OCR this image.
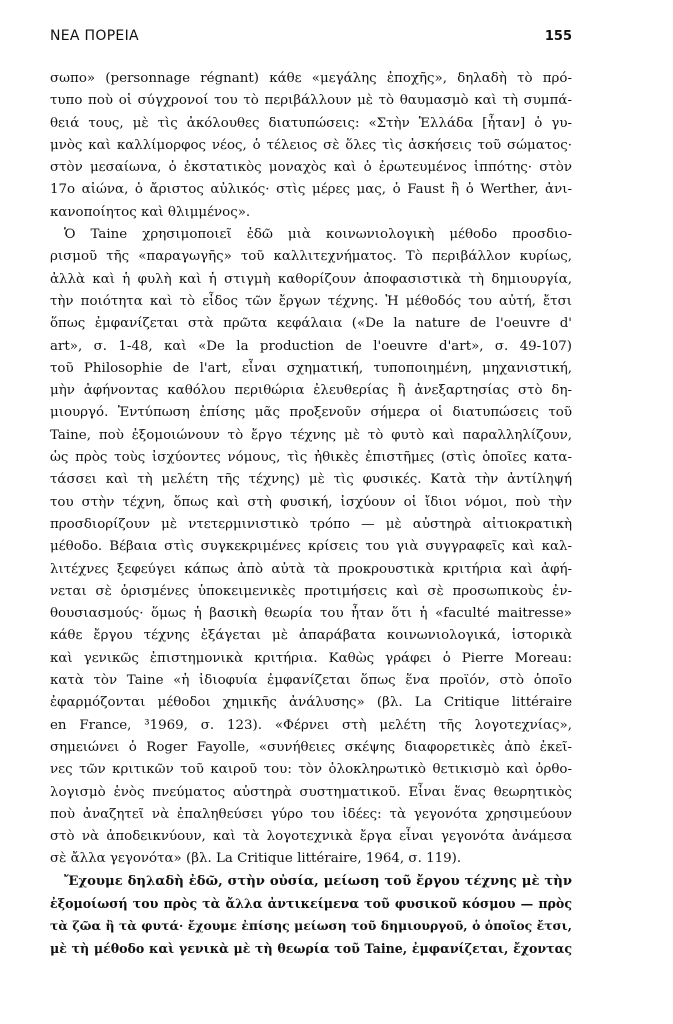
ΝΕΑ ΠΟΡΕΙΑ	155
σωπο» (personnage régnant) κάθε «μεγάλης ἐποχῆς», δηλαδὴ τὸ πρό-
τυπο ποὺ οἱ σύγχρονοί του τὸ περιβάλλουν μὲ τὸ θαυμασμὸ καὶ τὴ συμπά-
θειά τους, μὲ τὶς ἀκόλουθες διατυπώσεις: «Στὴν Ἑλλάδα [ἦταν] ὁ γυ-
μνὸς καὶ καλλίμορφος νέος, ὁ τέλειος σὲ ὅλες τὶς ἀσκήσεις τοῦ σώματος·
στὸν μεσαίωνα, ὁ ἐκστατικὸς μοναχὸς καὶ ὁ ἐρωτευμένος ἱππότης· στὸν
17ο αἰώνα, ὁ ἄριστος αὐλικός· στὶς μέρες μας, ὁ Faust ἢ ὁ Werther, ἀνι-
κανοποίητος καὶ θλιμμένος».
Ὁ Taine χρησιμοποιεῖ ἐδῶ μιὰ κοινωνιολογικὴ μέθοδο προσδιο-
ρισμοῦ τῆς «παραγωγῆς» τοῦ καλλιτεχνήματος. Τὸ περιβάλλον κυρίως,
ἀλλὰ καὶ ἡ φυλὴ καὶ ἡ στιγμὴ καθορίζουν ἀποφασιστικὰ τὴ δημιουργία,
τὴν ποιότητα καὶ τὸ εἶδος τῶν ἔργων τέχνης. Ἡ μέθοδός του αὐτή, ἔτσι
ὅπως ἐμφανίζεται στὰ πρῶτα κεφάλαια («De la nature de l'oeuvre d'
art», σ. 1-48, καὶ «De la production de l'oeuvre d'art», σ. 49-107)
τοῦ Philosophie de l'art, εἶναι σχηματική, τυποποιημένη, μηχανιστική,
μὴν ἀφήνοντας καθόλου περιθώρια ἐλευθερίας ἢ ἀνεξαρτησίας στὸ δη-
μιουργό. Ἐντύπωση ἐπίσης μᾶς προξενοῦν σήμερα οἱ διατυπώσεις τοῦ
Taine, ποὺ ἐξομοιώνουν τὸ ἔργο τέχνης μὲ τὸ φυτὸ καὶ παραλληλίζουν,
ὡς πρὸς τοὺς ἰσχύοντες νόμους, τὶς ἠθικὲς ἐπιστῆμες (στὶς ὁποῖες κατα-
τάσσει καὶ τὴ μελέτη τῆς τέχνης) μὲ τὶς φυσικές. Κατὰ τὴν ἀντίληψή
του στὴν τέχνη, ὅπως καὶ στὴ φυσική, ἰσχύουν οἱ ἴδιοι νόμοι, ποὺ τὴν
προσδιορίζουν μὲ ντετερμινιστικὸ τρόπο — μὲ αὐστηρὰ αἰτιοκρατικὴ
μέθοδο. Βέβαια στὶς συγκεκριμένες κρίσεις του γιὰ συγγραφεῖς καὶ καλ-
λιτέχνες ξεφεύγει κάπως ἀπὸ αὐτὰ τὰ προκρουστικὰ κριτήρια καὶ ἀφή-
νεται σὲ ὁρισμένες ὑποκειμενικὲς προτιμήσεις καὶ σὲ προσωπικοὺς ἐν-
θουσιασμούς· ὅμως ἡ βασικὴ θεωρία του ἦταν ὅτι ἡ «faculté maitresse»
κάθε ἔργου τέχνης ἐξάγεται μὲ ἀπαράβατα κοινωνιολογικά, ἱστορικὰ
καὶ γενικῶς ἐπιστημονικὰ κριτήρια. Καθὼς γράφει ὁ Pierre Moreau:
κατὰ τὸν Taine «ἡ ἰδιοφυία ἐμφανίζεται ὅπως ἕνα προϊόν, στὸ ὁποῖο
ἐφαρμόζονται μέθοδοι χημικῆς ἀνάλυσης» (βλ. La Critique littéraire
en France, ³1969, σ. 123). «Φέρνει στὴ μελέτη τῆς λογοτεχνίας»,
σημειώνει ὁ Roger Fayolle, «συνήθειες σκέψης διαφορετικὲς ἀπὸ ἐκεῖ-
νες τῶν κριτικῶν τοῦ καιροῦ του: τὸν ὁλοκληρωτικὸ θετικισμὸ καὶ ὀρθο-
λογισμὸ ἑνὸς πνεύματος αὐστηρὰ συστηματικοῦ. Εἶναι ἕνας θεωρητικὸς
ποὺ ἀναζητεῖ νὰ ἐπαληθεύσει γύρο του ἰδέες: τὰ γεγονότα χρησιμεύουν
στὸ νὰ ἀποδεικνύουν, καὶ τὰ λογοτεχνικὰ ἔργα εἶναι γεγονότα ἀνάμεσα
σὲ ἄλλα γεγονότα» (βλ. La Critique littéraire, 1964, σ. 119).
Ἔχουμε δηλαδὴ ἐδῶ, στὴν οὐσία, μείωση τοῦ ἔργου τέχνης μὲ τὴν
ἐξομοίωσή του πρὸς τὰ ἄλλα ἀντικείμενα τοῦ φυσικοῦ κόσμου — πρὸς
τὰ ζῶα ἢ τὰ φυτά· ἔχουμε ἐπίσης μείωση τοῦ δημιουργοῦ, ὁ ὁποῖος ἔτσι,
μὲ τὴ μέθοδο καὶ γενικὰ μὲ τὴ θεωρία τοῦ Taine, ἐμφανίζεται, ἔχοντας
